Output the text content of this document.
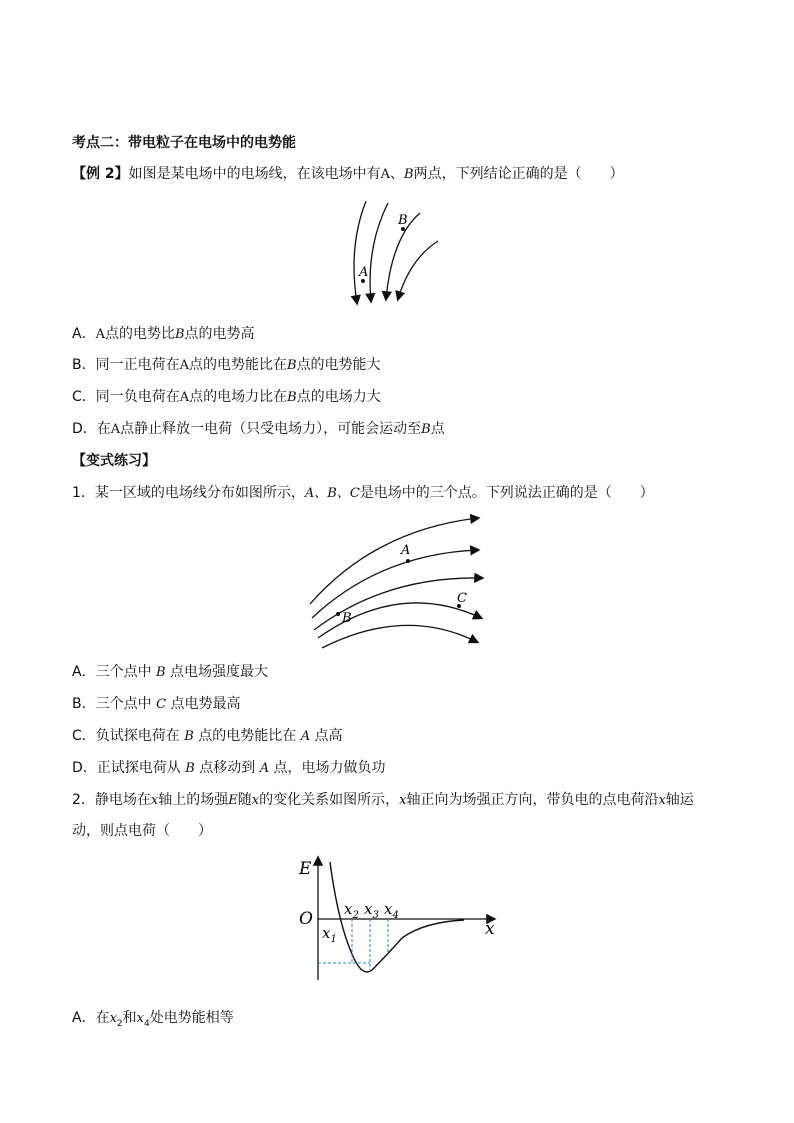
考点二：带电粒子在电场中的电势能
【例 2】如图是某电场中的电场线，在该电场中有A、B两点，下列结论正确的是（　　）
A
B
A．A点的电势比B点的电势高
B．同一正电荷在A点的电势能比在B点的电势能大
C．同一负电荷在A点的电场力比在B点的电场力大
D．在A点静止释放一电荷（只受电场力），可能会运动至B点
【变式练习】
1．某一区域的电场线分布如图所示，A、B、C是电场中的三个点。下列说法正确的是（　　）
A
B
C
A．三个点中 B 点电场强度最大
B．三个点中 C 点电势最高
C．负试探电荷在 B 点的电势能比在 A 点高
D．正试探电荷从 B 点移动到 A 点，电场力做负功
2．静电场在x轴上的场强E随x的变化关系如图所示，x轴正向为场强正方向，带负电的点电荷沿x轴运
动，则点电荷（　　）
E
O	x
$x_1$
$x_2$ $x_3$ $x_4$
A．在$x_2$和$x_4$处电势能相等
